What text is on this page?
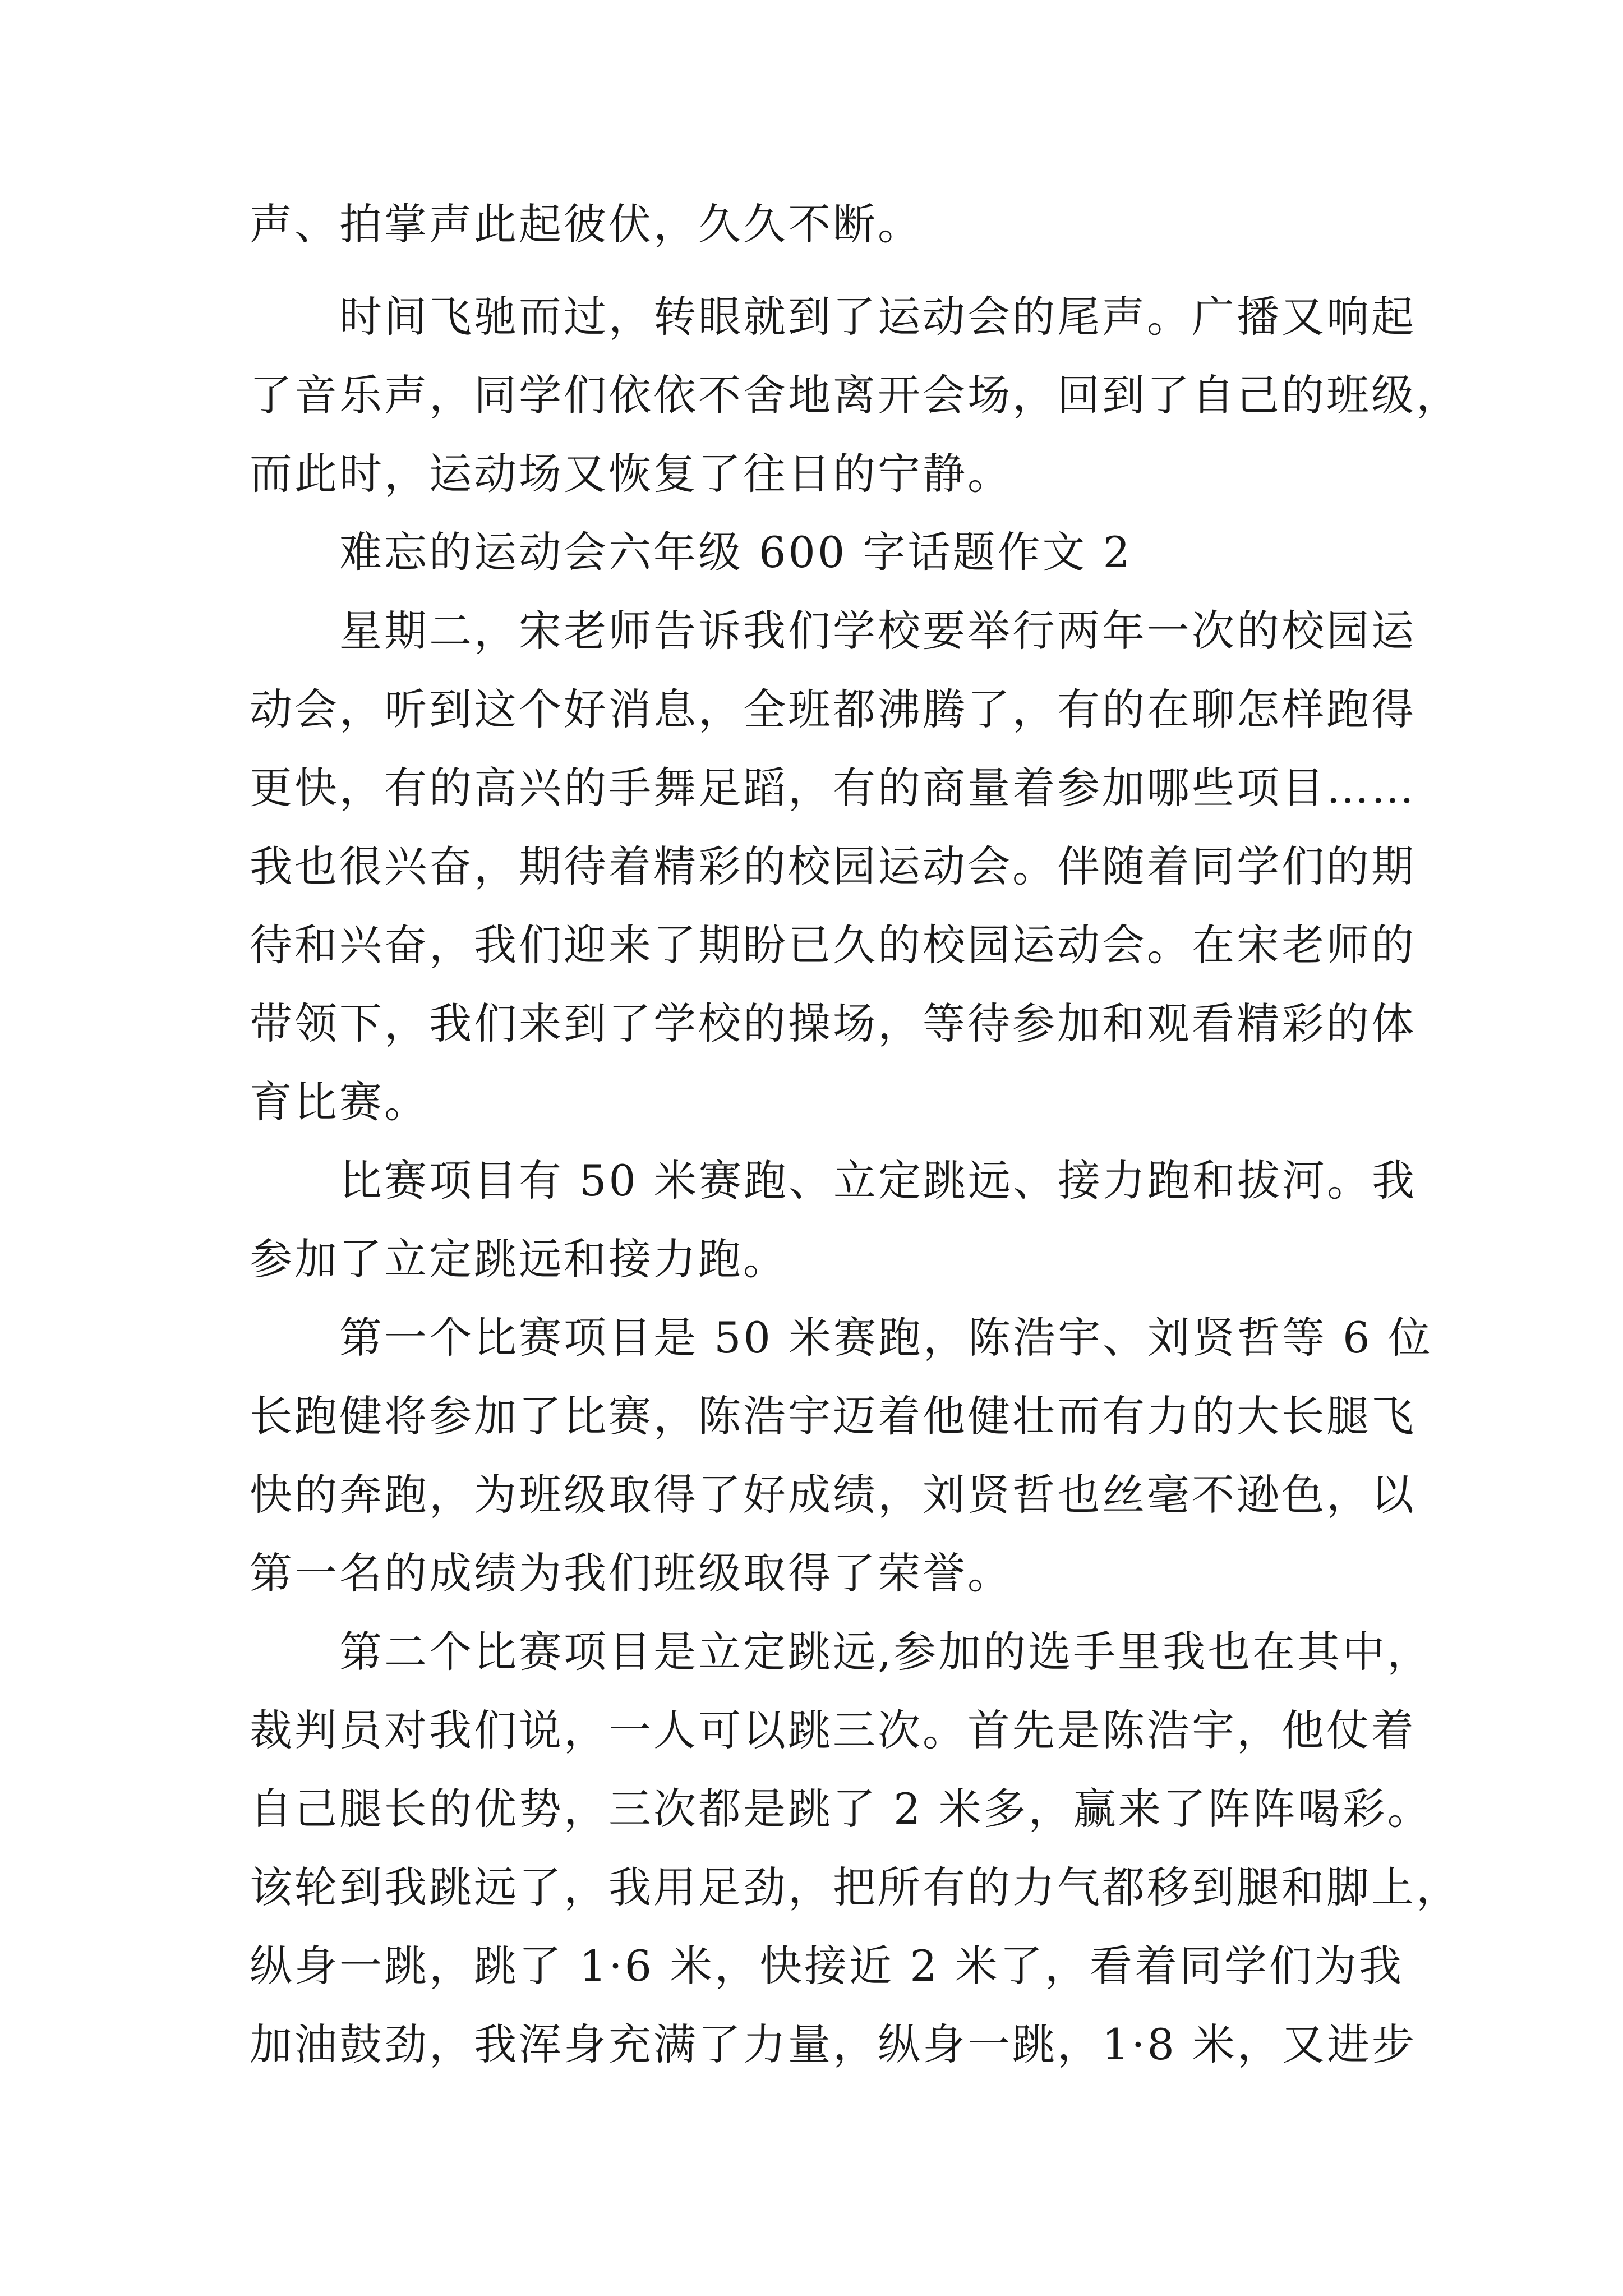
声、拍掌声此起彼伏，久久不断。
时间飞驰而过，转眼就到了运动会的尾声。广播又响起
了音乐声，同学们依依不舍地离开会场，回到了自己的班级，
而此时，运动场又恢复了往日的宁静。
难忘的运动会六年级 600 字话题作文 2
星期二，宋老师告诉我们学校要举行两年一次的校园运
动会，听到这个好消息，全班都沸腾了，有的在聊怎样跑得
更快，有的高兴的手舞足蹈，有的商量着参加哪些项目……
我也很兴奋，期待着精彩的校园运动会。伴随着同学们的期
待和兴奋，我们迎来了期盼已久的校园运动会。在宋老师的
带领下，我们来到了学校的操场，等待参加和观看精彩的体
育比赛。
比赛项目有 50 米赛跑、立定跳远、接力跑和拔河。我
参加了立定跳远和接力跑。
第一个比赛项目是 50 米赛跑，陈浩宇、刘贤哲等 6 位
长跑健将参加了比赛，陈浩宇迈着他健壮而有力的大长腿飞
快的奔跑，为班级取得了好成绩，刘贤哲也丝毫不逊色，以
第一名的成绩为我们班级取得了荣誉。
第二个比赛项目是立定跳远,参加的选手里我也在其中，
裁判员对我们说，一人可以跳三次。首先是陈浩宇，他仗着
自己腿长的优势，三次都是跳了 2 米多，赢来了阵阵喝彩。
该轮到我跳远了，我用足劲，把所有的力气都移到腿和脚上，
纵身一跳，跳了 1·6 米，快接近 2 米了，看着同学们为我
加油鼓劲，我浑身充满了力量，纵身一跳，1·8 米，又进步
